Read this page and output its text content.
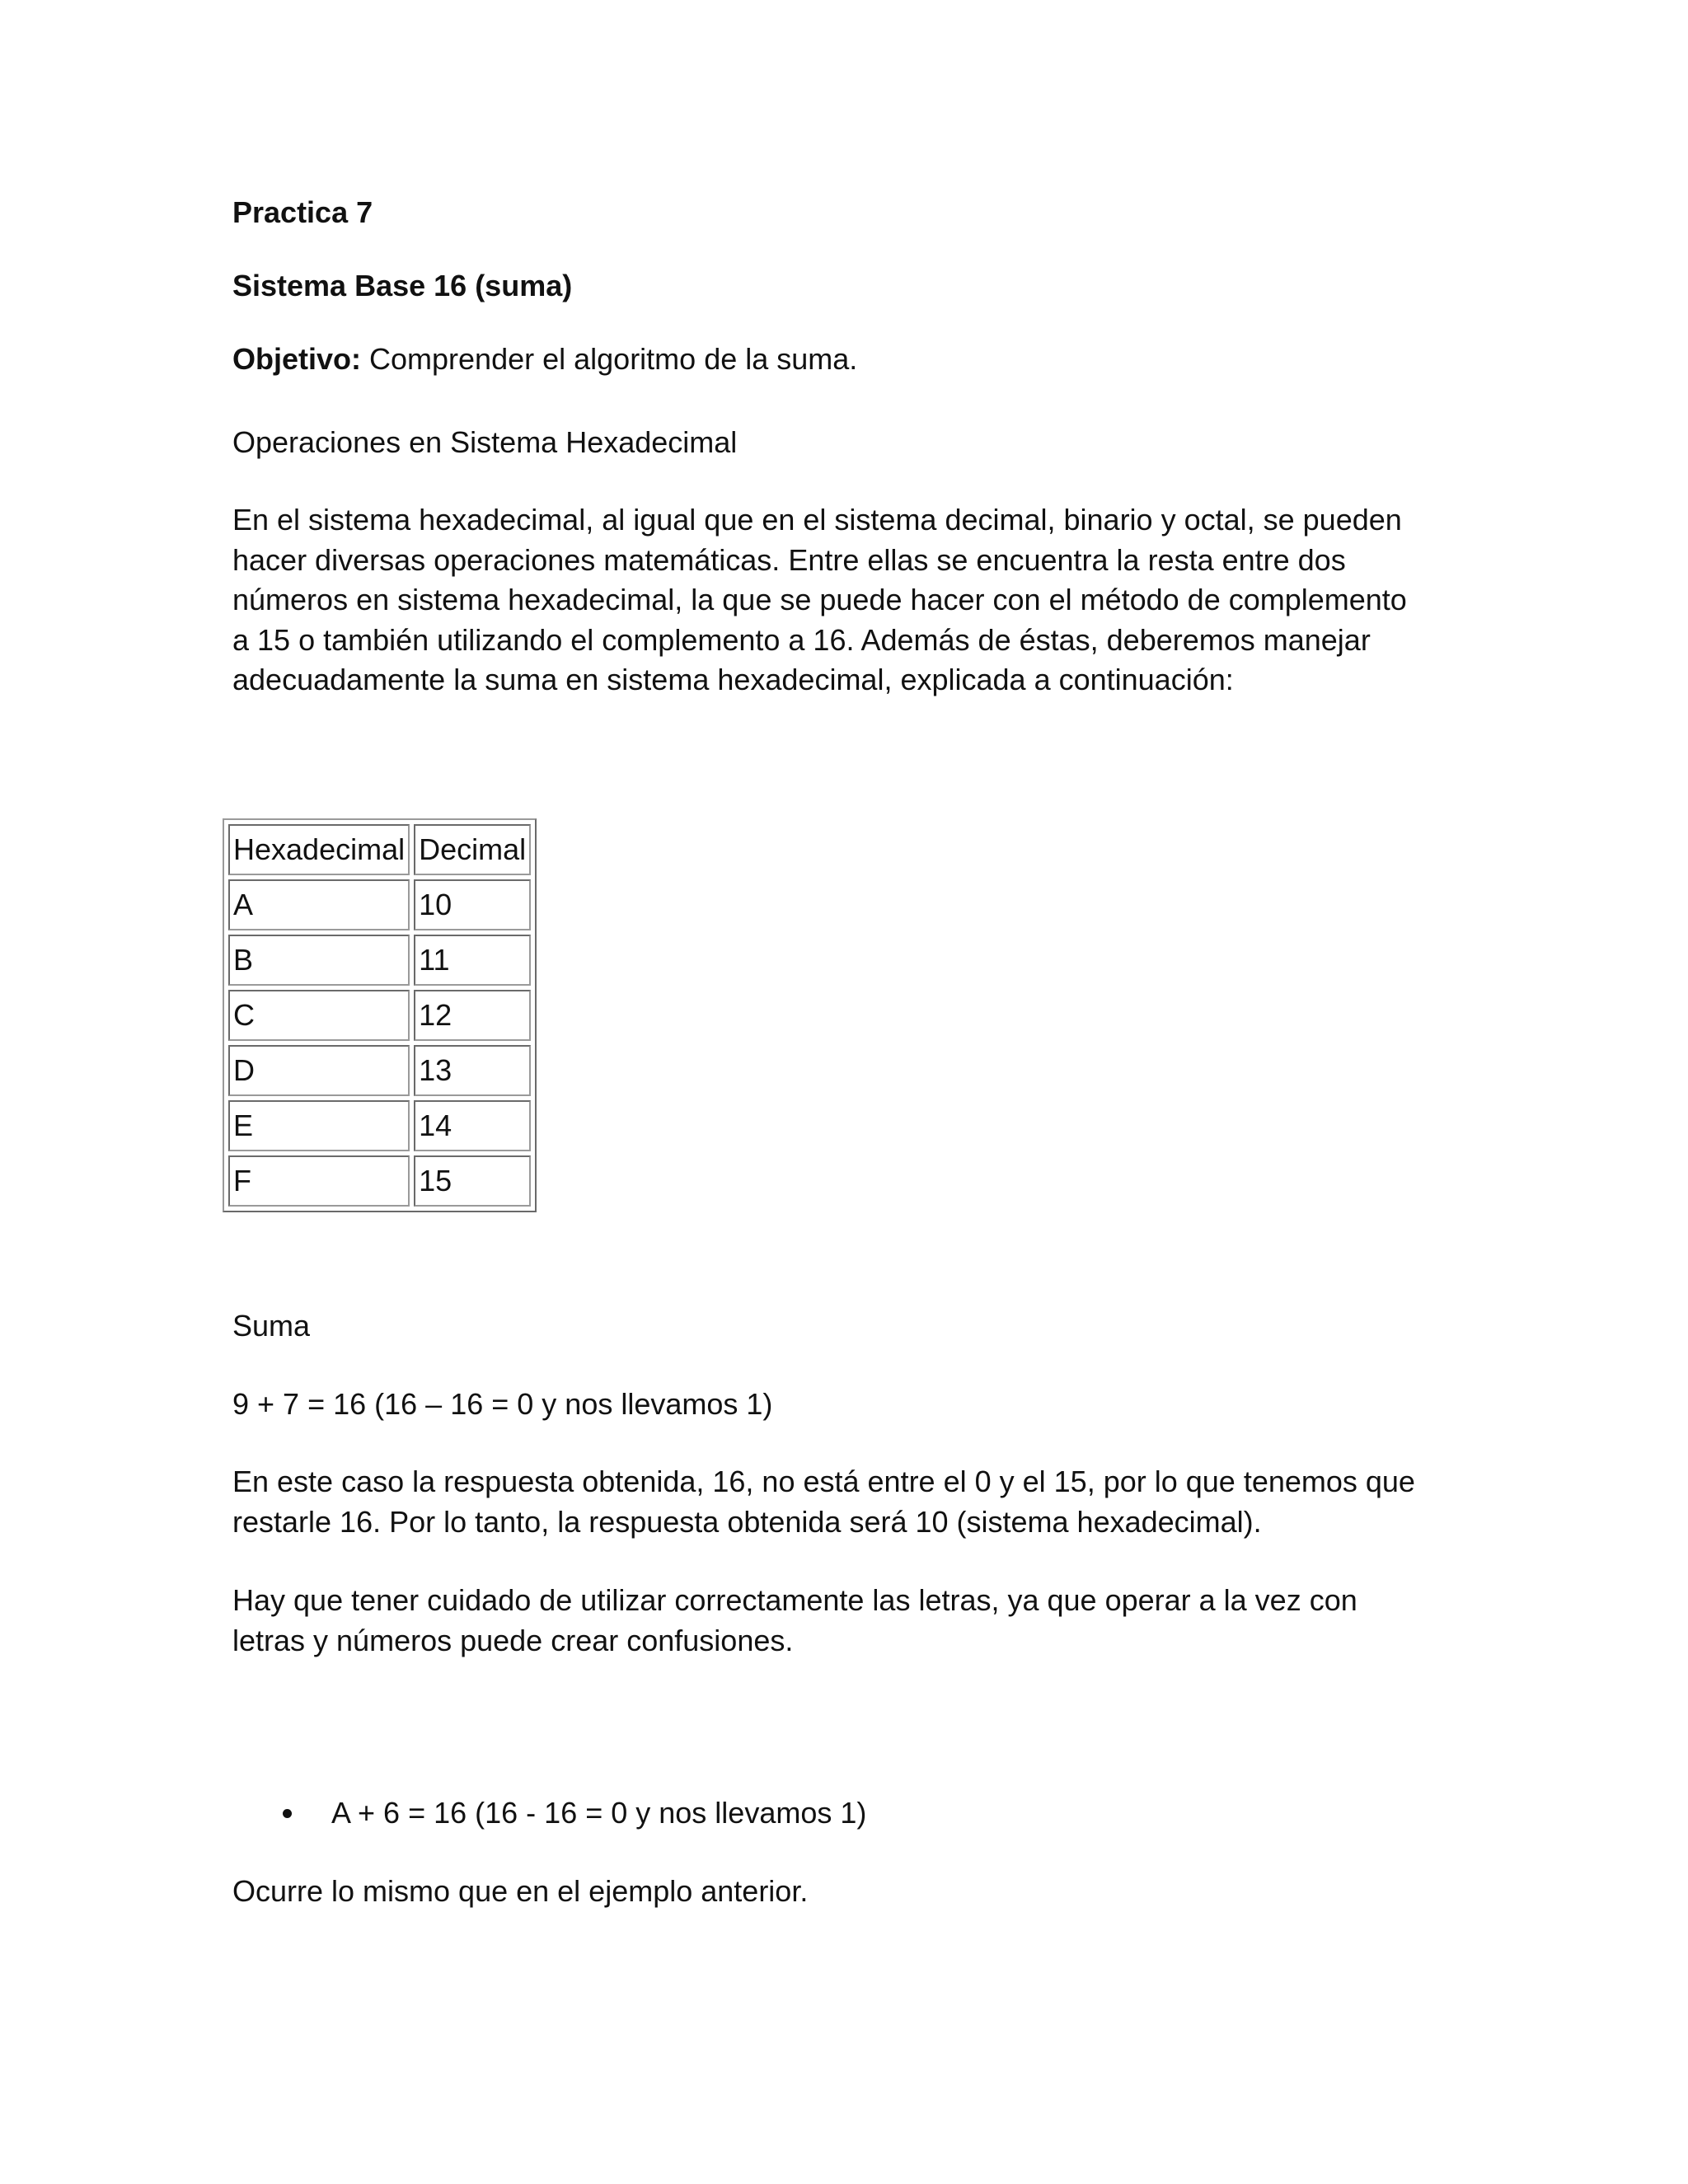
Practica 7
Sistema Base 16 (suma)
Objetivo: Comprender el algoritmo de la suma.
Operaciones en Sistema Hexadecimal
En el sistema hexadecimal, al igual que en el sistema decimal, binario y octal, se pueden
hacer diversas operaciones matemáticas. Entre ellas se encuentra la resta entre dos
números en sistema hexadecimal, la que se puede hacer con el método de complemento
a 15 o también utilizando el complemento a 16. Además de éstas, deberemos manejar
adecuadamente la suma en sistema hexadecimal, explicada a continuación:
Hexadecimal	Decimal
A	10
B	11
C	12
D	13
E	14
F	15
Suma
9 + 7 = 16 (16 – 16 = 0 y nos llevamos 1)
En este caso la respuesta obtenida, 16, no está entre el 0 y el 15, por lo que tenemos que
restarle 16. Por lo tanto, la respuesta obtenida será 10 (sistema hexadecimal).
Hay que tener cuidado de utilizar correctamente las letras, ya que operar a la vez con
letras y números puede crear confusiones.
A + 6 = 16 (16 - 16 = 0 y nos llevamos 1)
Ocurre lo mismo que en el ejemplo anterior.
